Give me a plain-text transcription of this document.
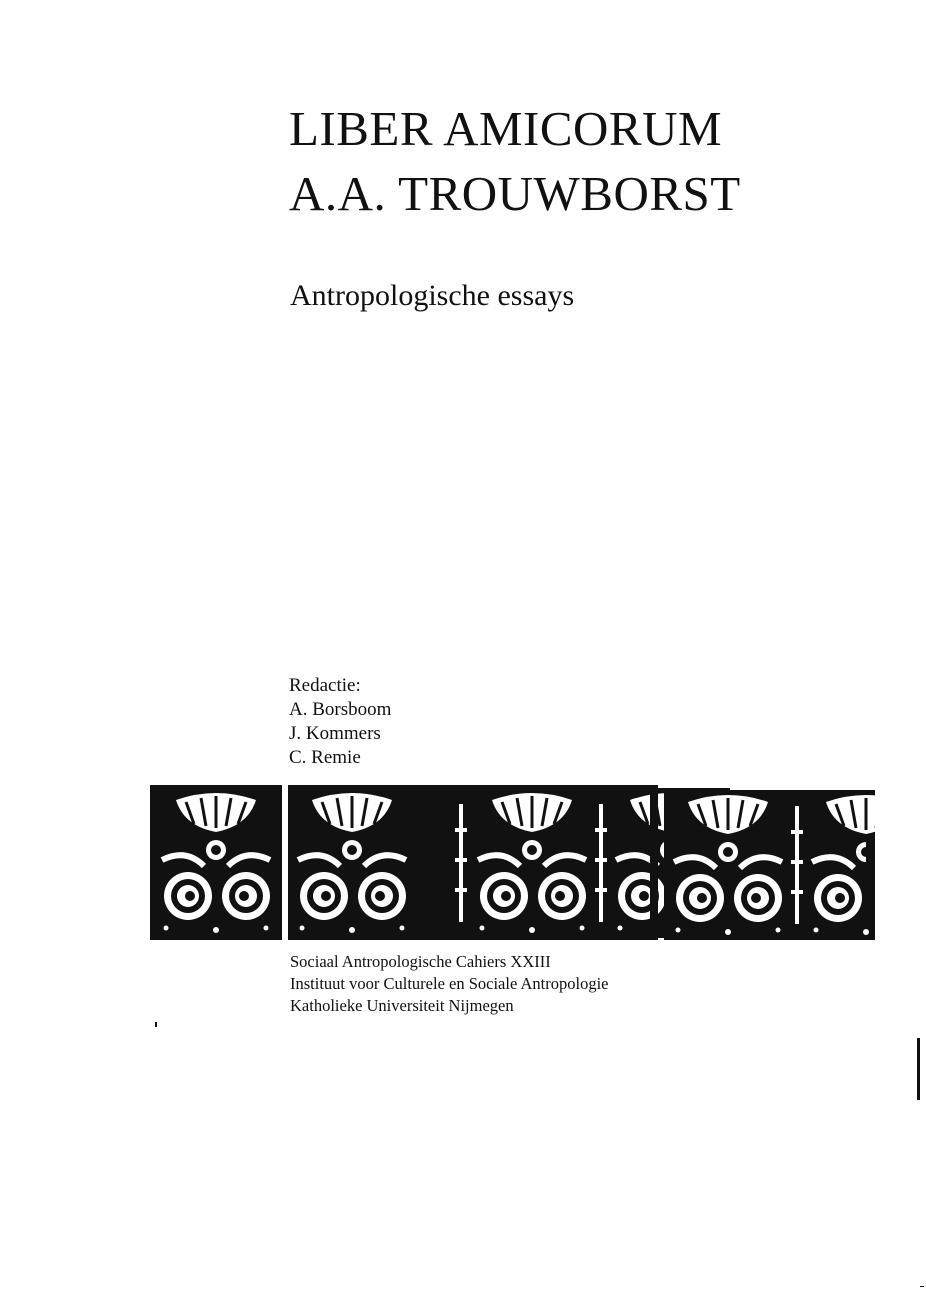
LIBER AMICORUM
A.A. TROUWBORST
Antropologische essays
Redactie:
A. Borsboom
J. Kommers
C. Remie
Sociaal Antropologische Cahiers XXIII
Instituut voor Culturele en Sociale Antropologie
Katholieke Universiteit Nijmegen
